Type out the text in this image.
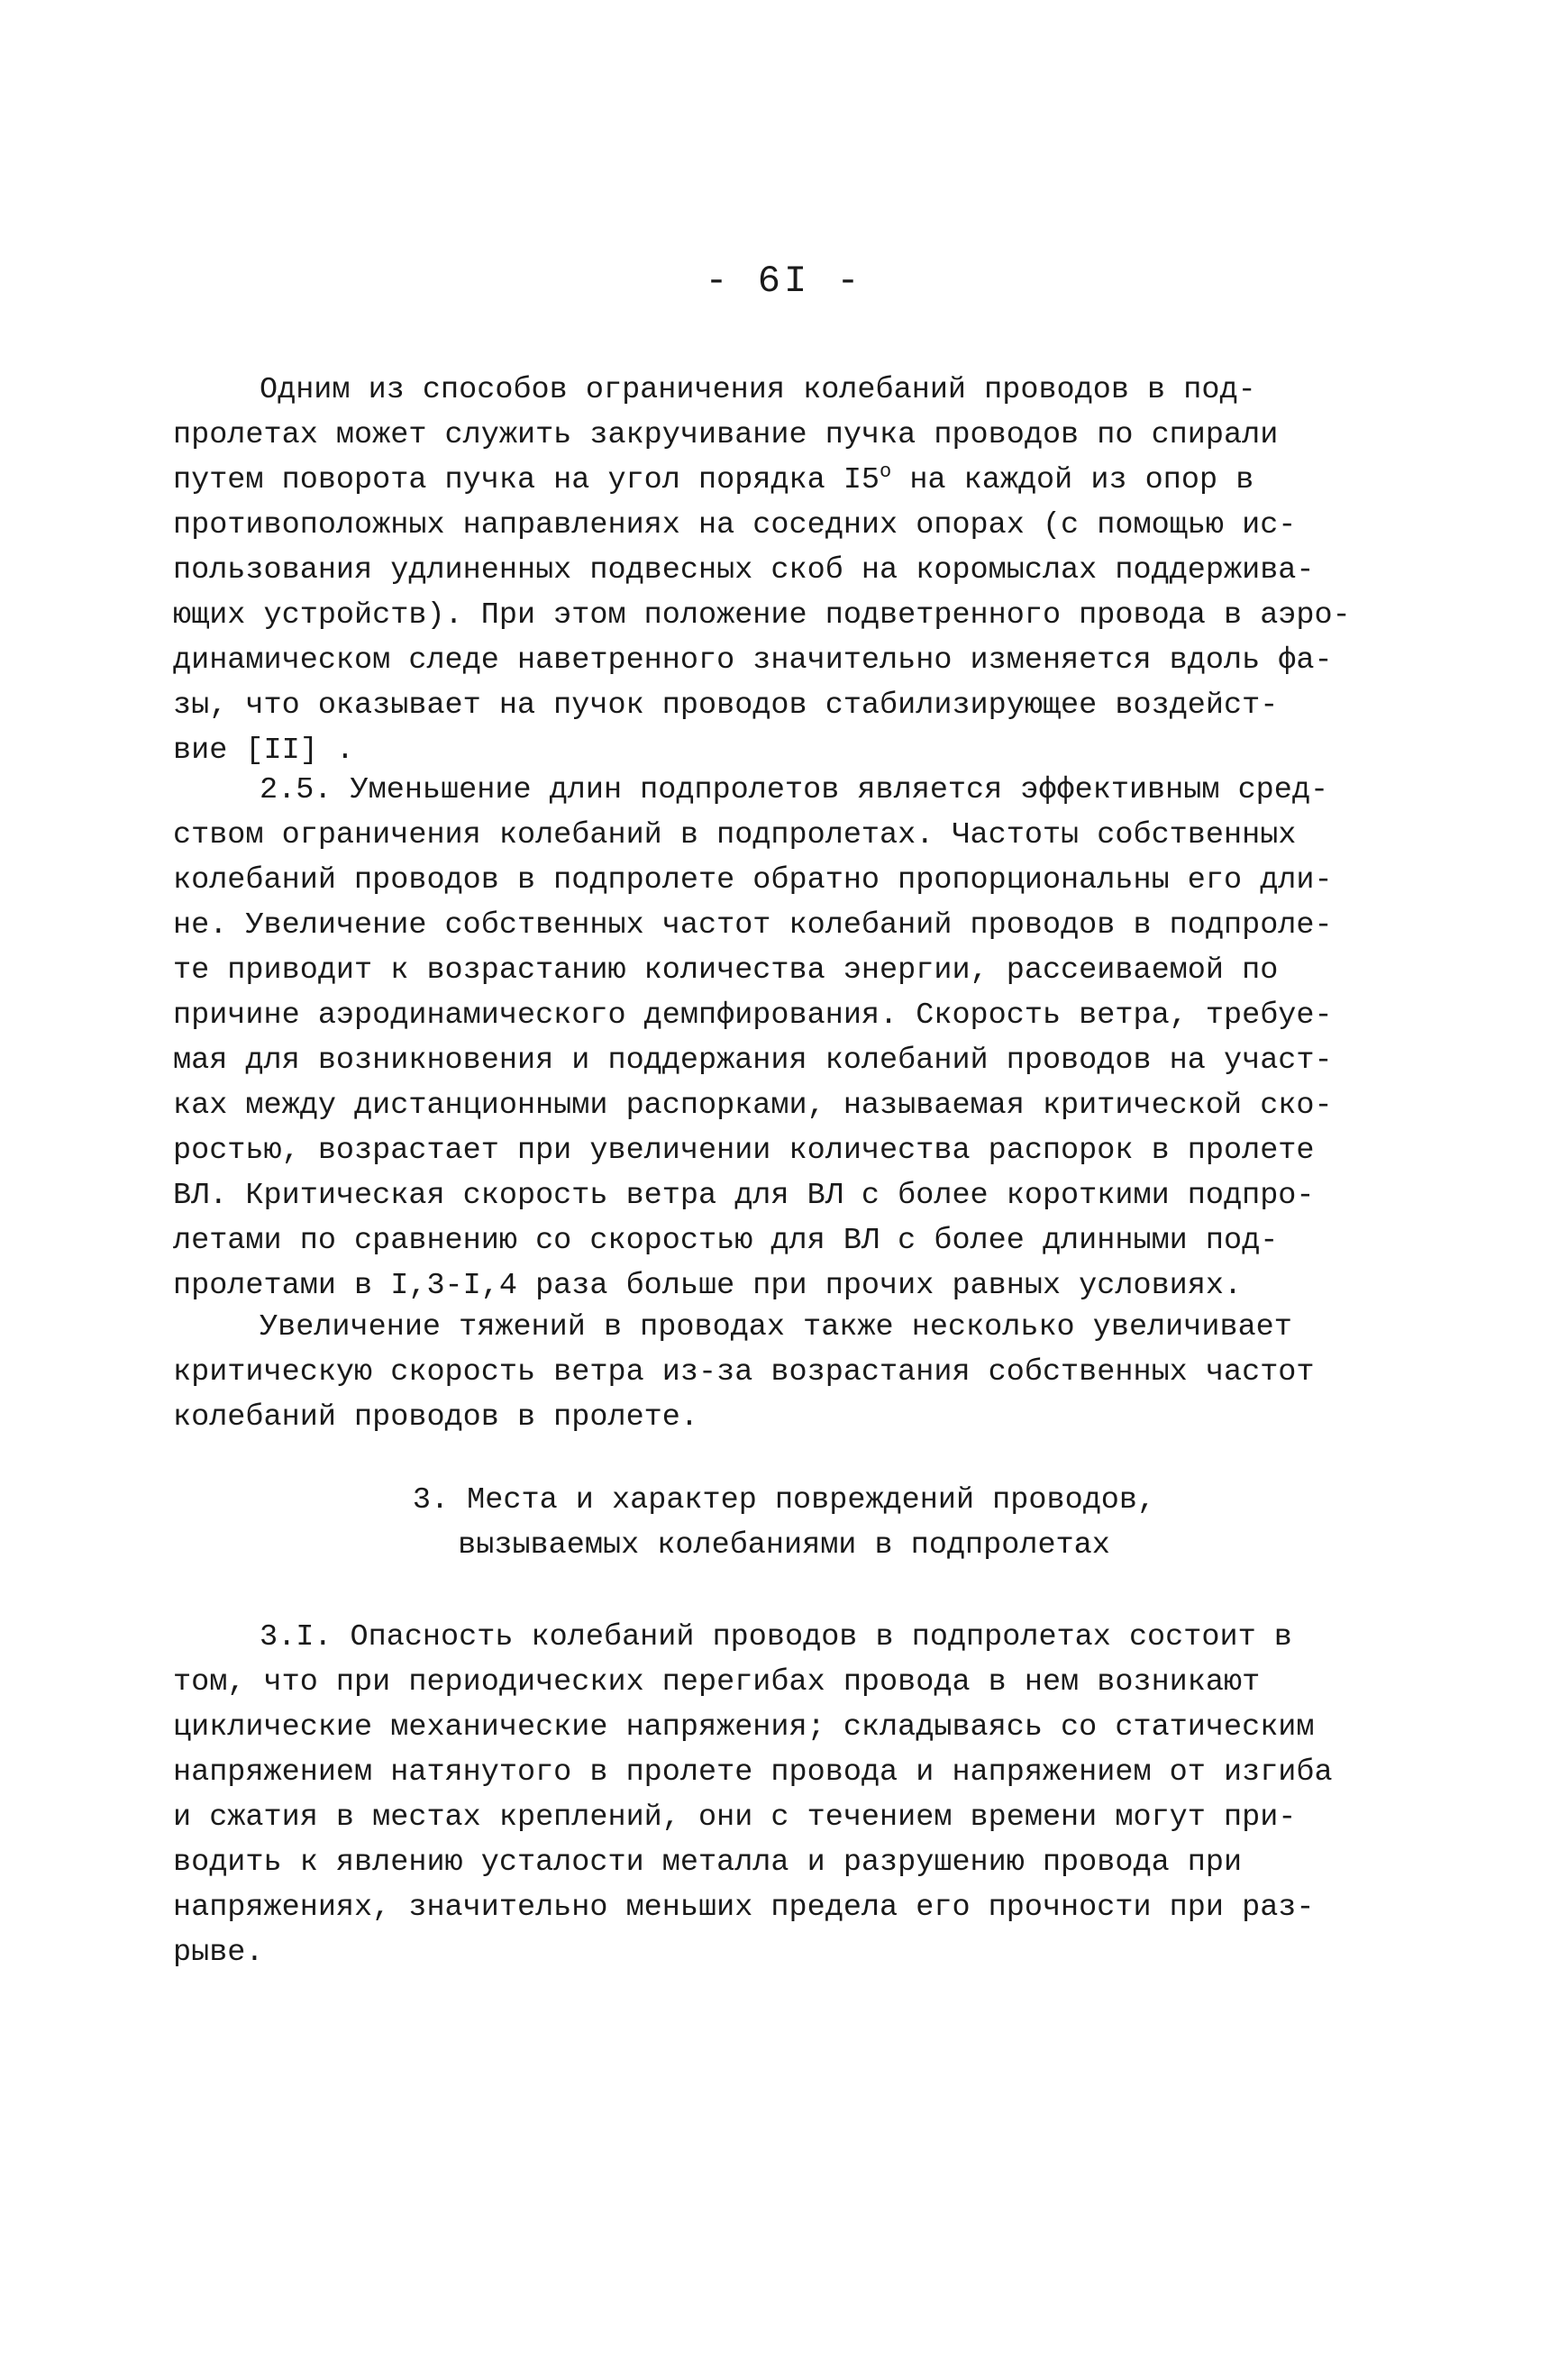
- 6I -
Одним из способов ограничения колебаний проводов в под-
пролетах может служить закручивание пучка проводов по спирали
путем поворота пучка на угол порядка $I5^о$ на каждой из опор в
противоположных направлениях на соседних опорах (с помощью ис-
пользования удлиненных подвесных скоб на коромыслах поддержива-
ющих устройств). При этом положение подветренного провода в аэро-
динамическом следе наветренного значительно изменяется вдоль фа-
зы, что оказывает на пучок проводов стабилизирующее воздейст-
вие [II] .
2.5. Уменьшение длин подпролетов является эффективным сред-
ством ограничения колебаний в подпролетах. Частоты собственных
колебаний проводов в подпролете обратно пропорциональны его дли-
не. Увеличение собственных частот колебаний проводов в подпроле-
те приводит к возрастанию количества энергии, рассеиваемой по
причине аэродинамического демпфирования. Скорость ветра, требуе-
мая для возникновения и поддержания колебаний проводов на участ-
ках между дистанционными распорками, называемая критической ско-
ростью, возрастает при увеличении количества распорок в пролете
ВЛ. Критическая скорость ветра для ВЛ с более короткими подпро-
летами по сравнению со скоростью для ВЛ с более длинными под-
пролетами в I,3-I,4 раза больше при прочих равных условиях.
Увеличение тяжений в проводах также несколько увеличивает
критическую скорость ветра из-за возрастания собственных частот
колебаний проводов в пролете.
3. Места и характер повреждений проводов,
вызываемых колебаниями в подпролетах
3.I. Опасность колебаний проводов в подпролетах состоит в
том, что при периодических перегибах провода в нем возникают
циклические механические напряжения; складываясь со статическим
напряжением натянутого в пролете провода и напряжением от изгиба
и сжатия в местах креплений, они с течением времени могут при-
водить к явлению усталости металла и разрушению провода при
напряжениях, значительно меньших предела его прочности при раз-
рыве.
